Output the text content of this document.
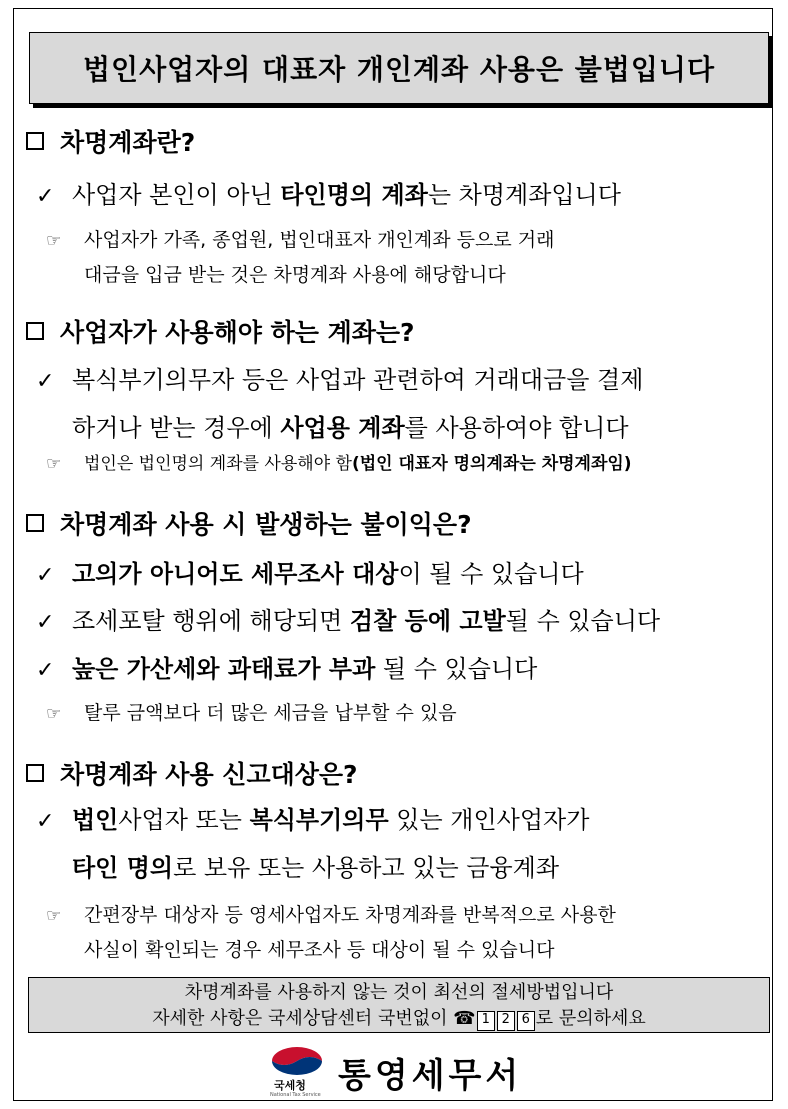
법인사업자의 대표자 개인계좌 사용은 불법입니다
차명계좌란?
✓ 사업자 본인이 아닌 타인명의 계좌는 차명계좌입니다
☞ 사업자가 가족, 종업원, 법인대표자 개인계좌 등으로 거래
대금을 입금 받는 것은 차명계좌 사용에 해당합니다
사업자가 사용해야 하는 계좌는?
✓ 복식부기의무자 등은 사업과 관련하여 거래대금을 결제
하거나 받는 경우에 사업용 계좌를 사용하여야 합니다
☞ 법인은 법인명의 계좌를 사용해야 함(법인 대표자 명의계좌는 차명계좌임)
차명계좌 사용 시 발생하는 불이익은?
✓ 고의가 아니어도 세무조사 대상이 될 수 있습니다
✓ 조세포탈 행위에 해당되면 검찰 등에 고발될 수 있습니다
✓ 높은 가산세와 과태료가 부과 될 수 있습니다
☞ 탈루 금액보다 더 많은 세금을 납부할 수 있음
차명계좌 사용 신고대상은?
✓ 법인사업자 또는 복식부기의무 있는 개인사업자가
타인 명의로 보유 또는 사용하고 있는 금융계좌
☞ 간편장부 대상자 등 영세사업자도 차명계좌를 반복적으로 사용한
사실이 확인되는 경우 세무조사 등 대상이 될 수 있습니다
차명계좌를 사용하지 않는 것이 최선의 절세방법입니다
자세한 사항은 국세상담센터 국번없이 ☎ 1 2 6 로 문의하세요
국세청
National Tax Service 통영세무서
